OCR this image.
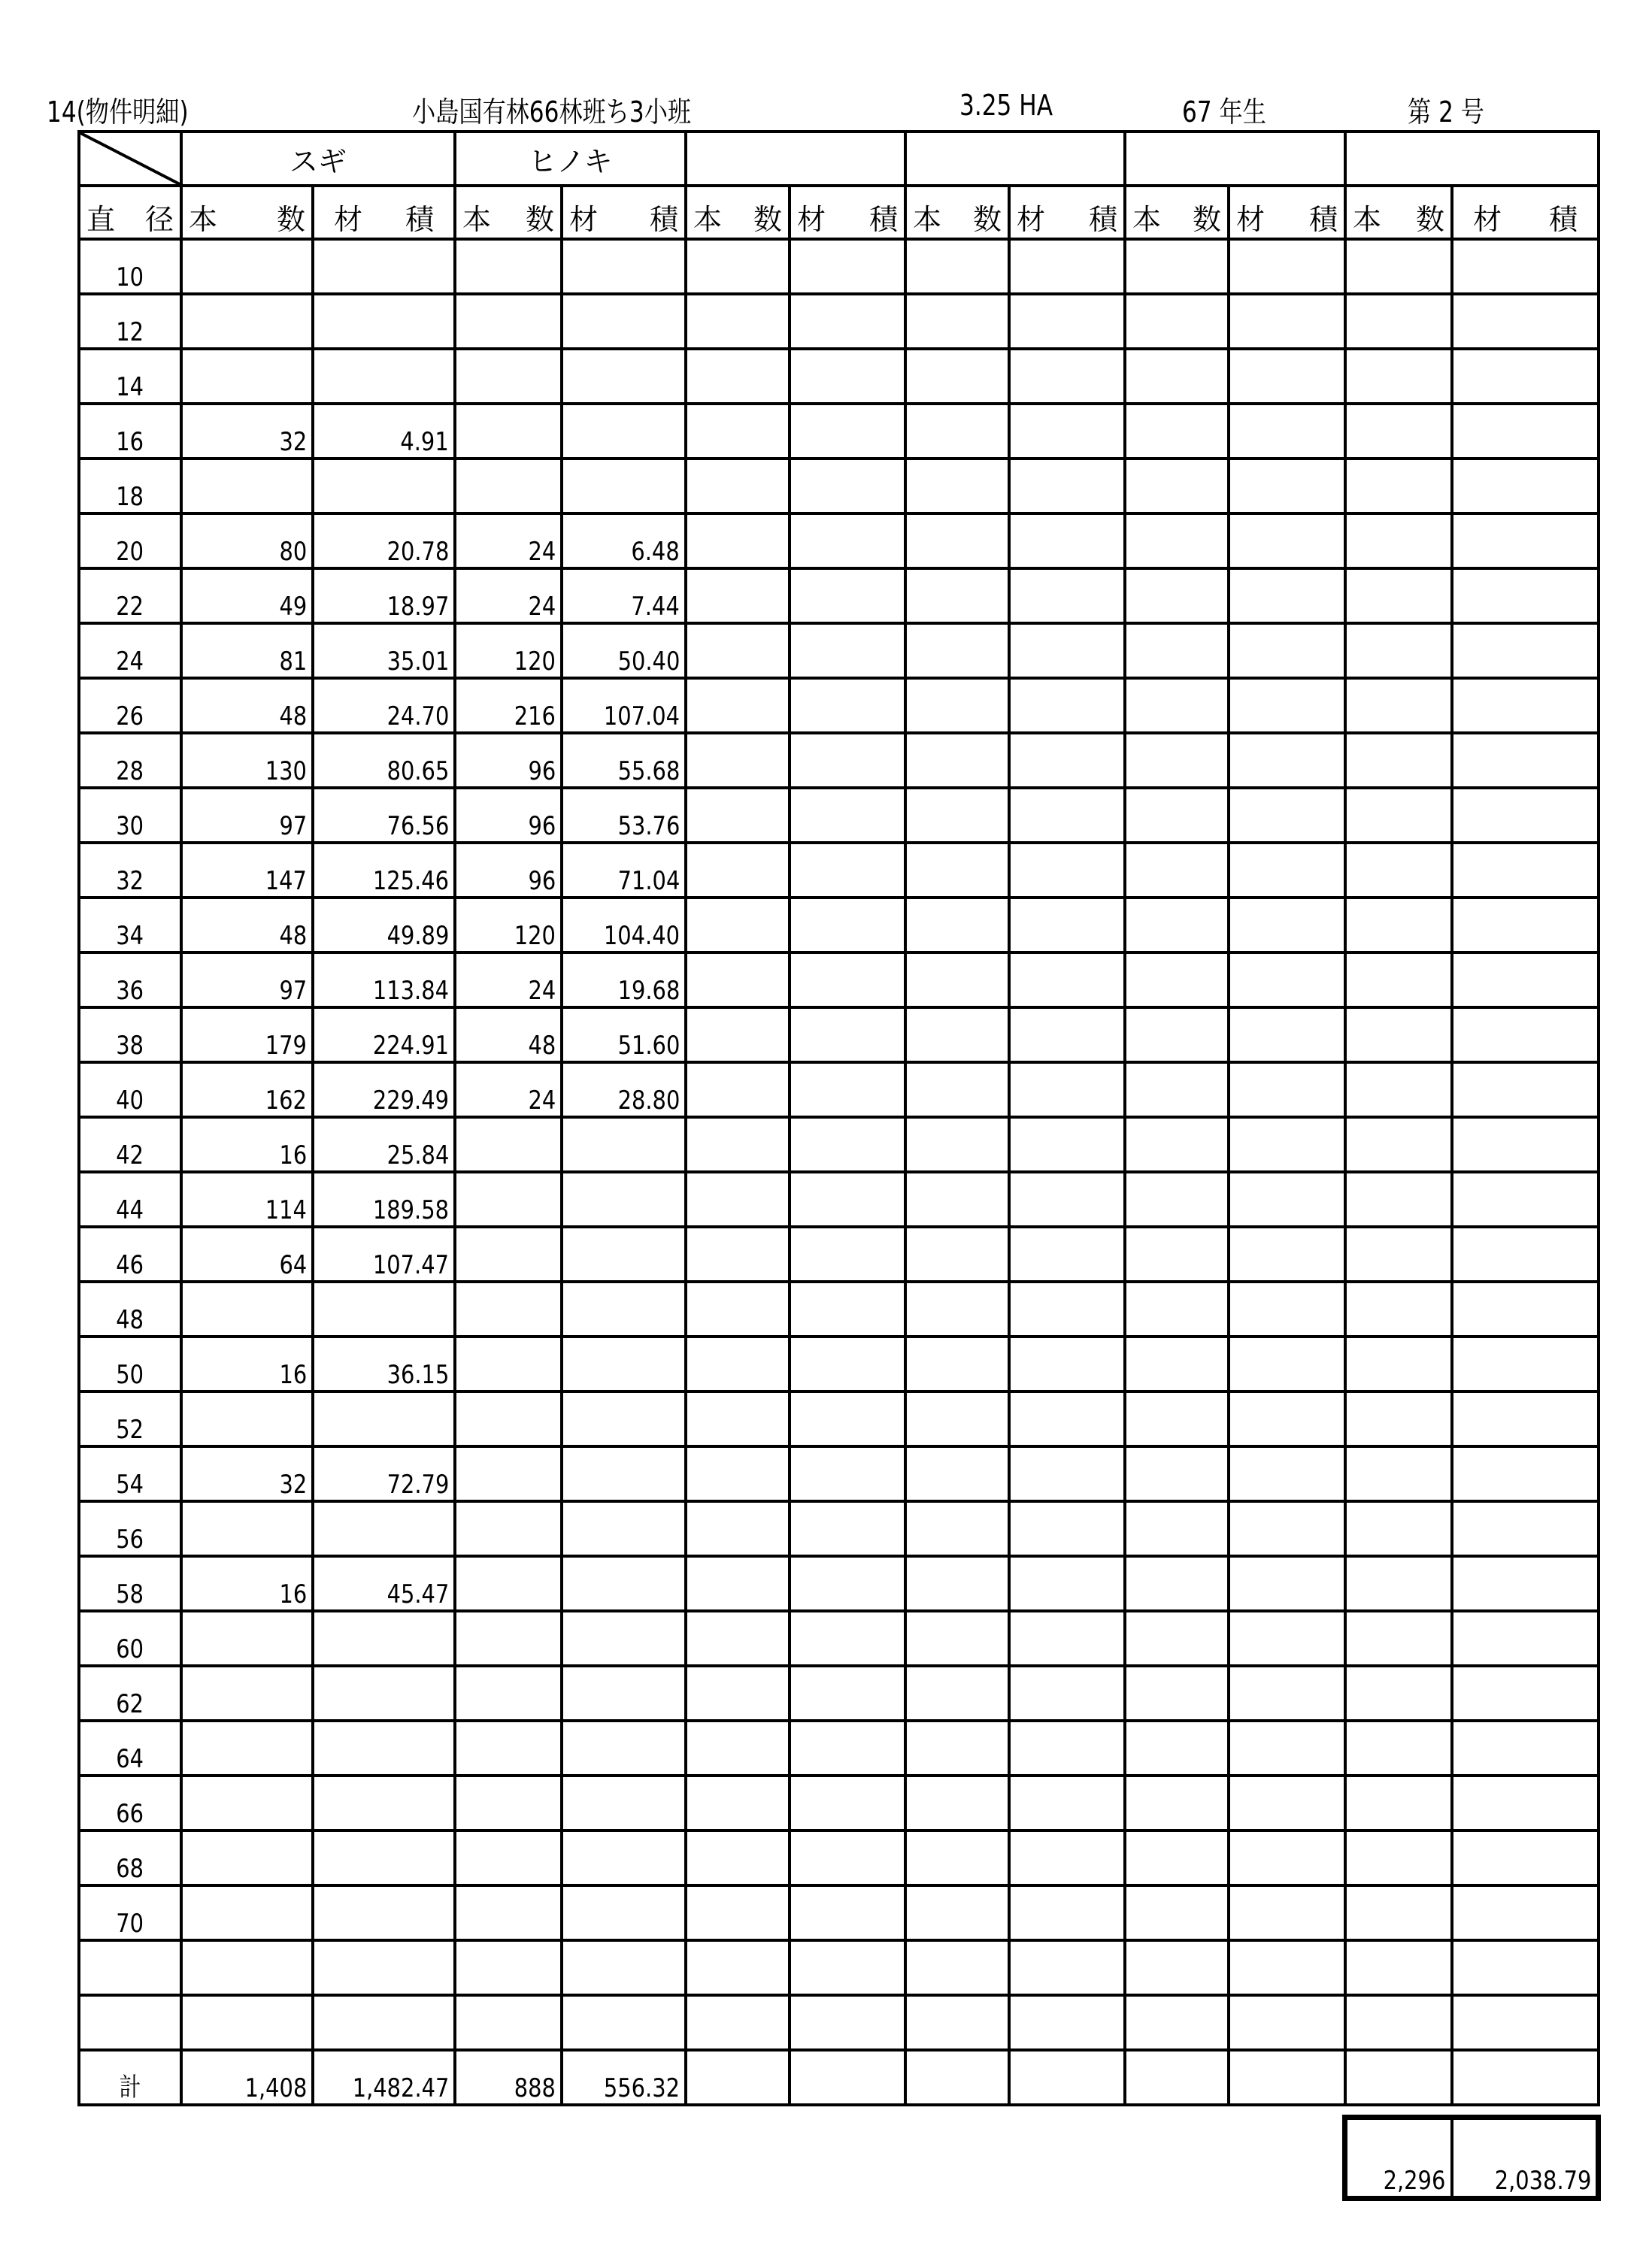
14(物件明細)	小島国有林66林班ち3小班	3.25 HA	67 年生	第 2 号
	スギ		ヒノキ									

直 径	本 数	材 積	本 数	材 積	本 数	材 積	本 数	材 積	本 数	材 積	本 数	材 積

10												
12												
14												
16	32	4.91										
18												
20	80	20.78	24	6.48								
22	49	18.97	24	7.44								
24	81	35.01	120	50.40								
26	48	24.70	216	107.04								
28	130	80.65	96	55.68								
30	97	76.56	96	53.76								
32	147	125.46	96	71.04								
34	48	49.89	120	104.40								
36	97	113.84	24	19.68								
38	179	224.91	48	51.60								
40	162	229.49	24	28.80								
42	16	25.84										
44	114	189.58										
46	64	107.47										
48												
50	16	36.15										
52												
54	32	72.79										
56												
58	16	45.47										
60												
62												
64												
66												
68												
70												

計	1,408	1,482.47	888	556.32								
2,296	2,038.79
